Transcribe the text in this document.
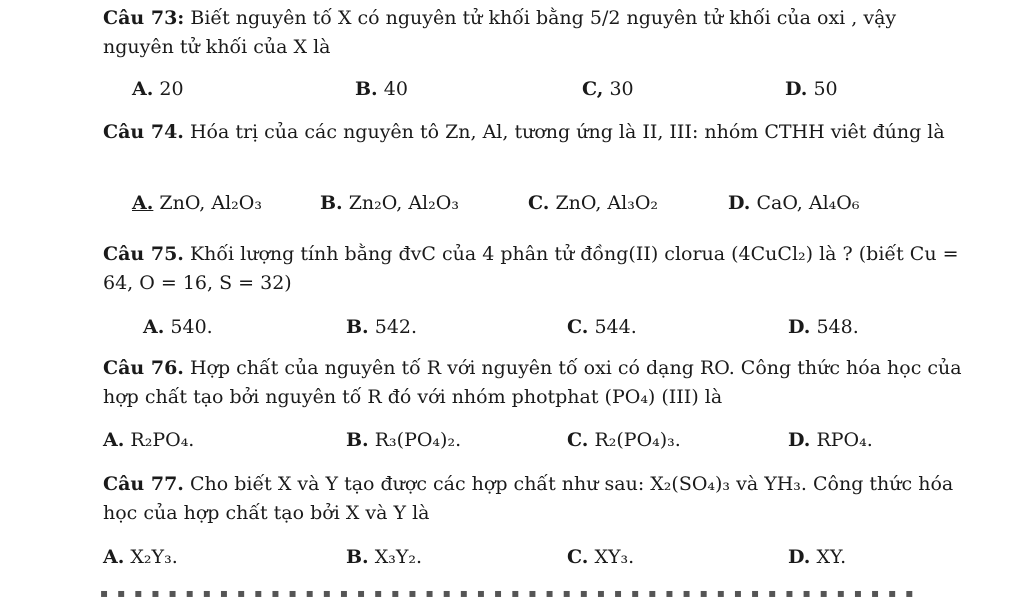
Câu 73: Biết nguyên tố X có nguyên tử khối bằng 5/2 nguyên tử khối của oxi , vậy nguyên tử khối của X là
A. 20	B. 40	C, 30	D. 50
Câu 74. Hóa trị của các nguyên tô Zn, Al, tương ứng là II, III: nhóm CTHH viêt đúng là
A. ZnO, Al₂O₃	B. Zn₂O, Al₂O₃	C. ZnO, Al₃O₂	D. CaO, Al₄O₆
Câu 75. Khối lượng tính bằng đvC của 4 phân tử đồng(II) clorua (4CuCl₂) là ? (biết Cu = 64, O = 16, S = 32)
A. 540.	B. 542.	C. 544.	D. 548.
Câu 76. Hợp chất của nguyên tố R với nguyên tố oxi có dạng RO. Công thức hóa học của hợp chất tạo bởi nguyên tố R đó với nhóm photphat (PO₄) (III) là
A. R₂PO₄.	B. R₃(PO₄)₂.	C. R₂(PO₄)₃.	D. RPO₄.
Câu 77. Cho biết X và Y tạo được các hợp chất như sau: X₂(SO₄)₃ và YH₃. Công thức hóa học của hợp chất tạo bởi X và Y là
A. X₂Y₃.	B. X₃Y₂.	C. XY₃.	D. XY.
▪▪▪▪▪▪▪▪▪▪▪▪▪▪▪▪▪▪▪▪▪▪▪▪▪▪▪▪▪▪▪▪▪▪▪▪▪▪▪▪▪▪▪▪▪▪▪▪
